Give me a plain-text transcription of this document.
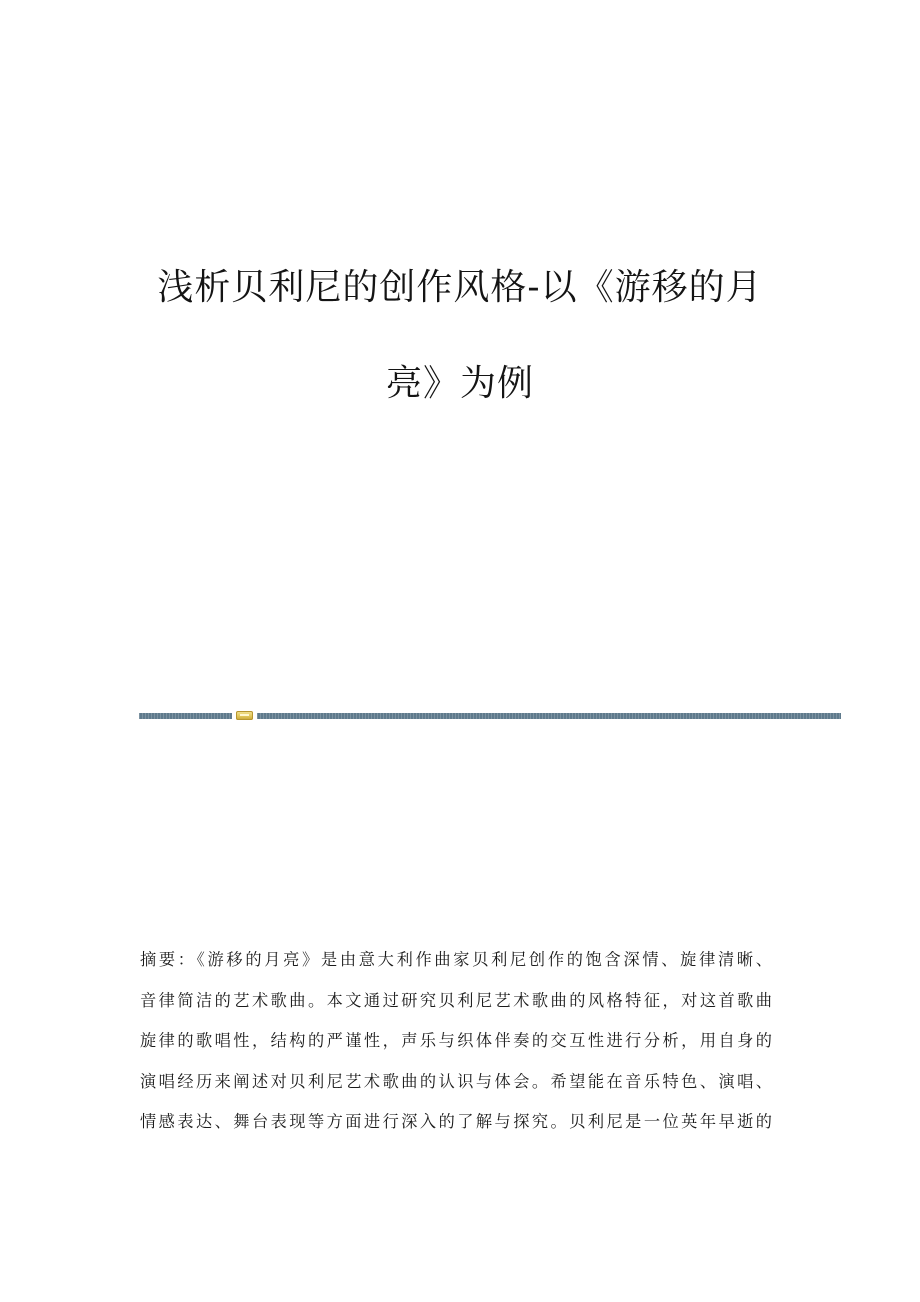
浅析贝利尼的创作风格-以《游移的月
亮》为例
摘要：《游移的月亮》是由意大利作曲家贝利尼创作的饱含深情、旋律清晰、
音律简洁的艺术歌曲。本文通过研究贝利尼艺术歌曲的风格特征，对这首歌曲
旋律的歌唱性，结构的严谨性，声乐与织体伴奏的交互性进行分析，用自身的
演唱经历来阐述对贝利尼艺术歌曲的认识与体会。希望能在音乐特色、演唱、
情感表达、舞台表现等方面进行深入的了解与探究。贝利尼是一位英年早逝的
